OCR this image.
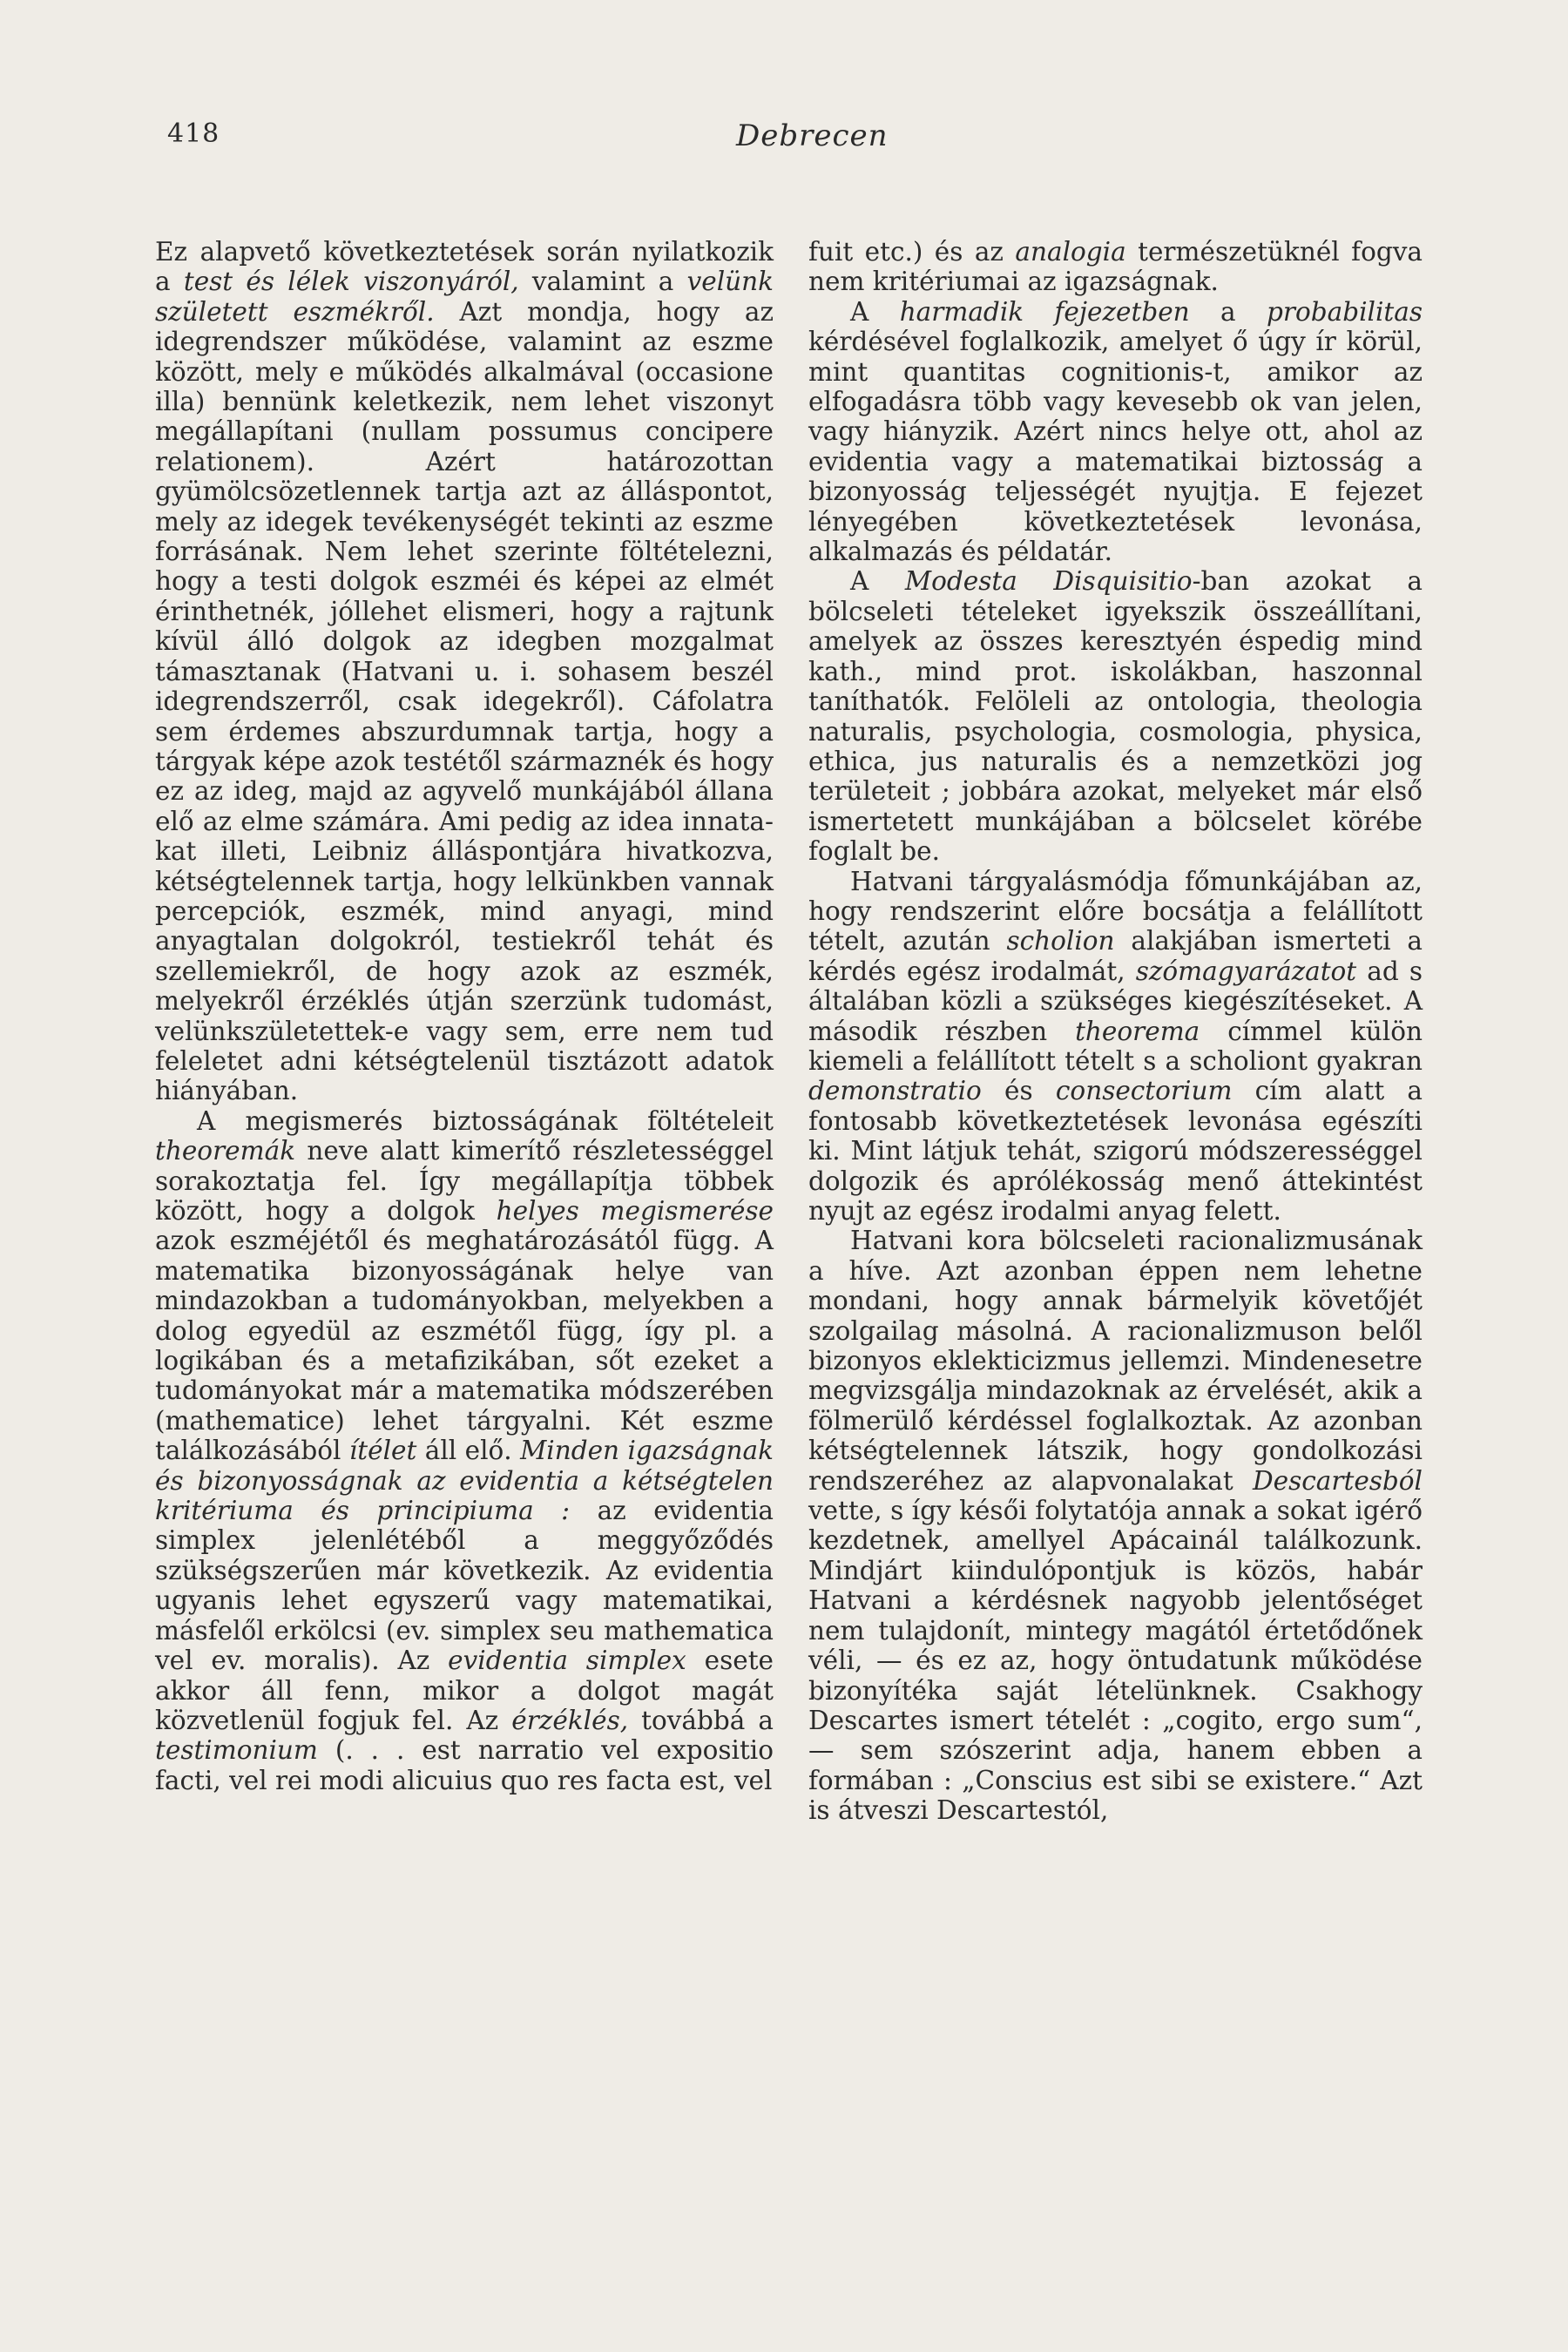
418	Debrecen

Ez alapvető következtetések során nyilatkozik a test és lélek viszonyáról, valamint a velünk született eszmékről. Azt mondja, hogy az idegrendszer működése, valamint az eszme között, mely e működés alkalmával (occasione illa) bennünk keletkezik, nem lehet viszonyt megállapítani (nullam possumus concipere relationem). Azért határozottan gyümölcsözetlennek tartja azt az álláspontot, mely az idegek tevékenységét tekinti az eszme forrásának. Nem lehet szerinte föltételezni, hogy a testi dolgok eszméi és képei az elmét érinthetnék, jóllehet elismeri, hogy a rajtunk kívül álló dolgok az idegben mozgalmat támasztanak (Hatvani u. i. sohasem beszél idegrendszerről, csak idegekről). Cáfolatra sem érdemes abszurdumnak tartja, hogy a tárgyak képe azok testétől származnék és hogy ez az ideg, majd az agyvelő munkájából állana elő az elme számára. Ami pedig az idea innata-kat illeti, Leibniz álláspontjára hivatkozva, kétségtelennek tartja, hogy lelkünkben vannak percepciók, eszmék, mind anyagi, mind anyagtalan dolgokról, testiekről tehát és szellemiekről, de hogy azok az eszmék, melyekről érzéklés útján szerzünk tudomást, velünkszületettek-e vagy sem, erre nem tud feleletet adni kétségtelenül tisztázott adatok hiányában.

A megismerés biztosságának föltételeit theoremák neve alatt kimerítő részletességgel sorakoztatja fel. Így megállapítja többek között, hogy a dolgok helyes megismerése azok eszméjétől és meghatározásától függ. A matematika bizonyosságának helye van mindazokban a tudományokban, melyekben a dolog egyedül az eszmétől függ, így pl. a logikában és a metafizikában, sőt ezeket a tudományokat már a matematika módszerében (mathematice) lehet tárgyalni. Két eszme találkozásából ítélet áll elő. Minden igazságnak és bizonyosságnak az evidentia a kétségtelen kritériuma és principiuma : az evidentia simplex jelenlétéből a meggyőződés szükségszerűen már következik. Az evidentia ugyanis lehet egyszerű vagy matematikai, másfelől erkölcsi (ev. simplex seu mathematica vel ev. moralis). Az evidentia simplex esete akkor áll fenn, mikor a dolgot magát közvetlenül fogjuk fel. Az érzéklés, továbbá a testimonium (. . . est narratio vel expositio facti, vel rei modi alicuius quo res facta est, vel

fuit etc.) és az analogia természetüknél fogva nem kritériumai az igazságnak.

A harmadik fejezetben a probabilitas kérdésével foglalkozik, amelyet ő úgy ír körül, mint quantitas cognitionis-t, amikor az elfogadásra több vagy kevesebb ok van jelen, vagy hiányzik. Azért nincs helye ott, ahol az evidentia vagy a matematikai biztosság a bizonyosság teljességét nyujtja. E fejezet lényegében következtetések levonása, alkalmazás és példatár.

A Modesta Disquisitio-ban azokat a bölcseleti tételeket igyekszik összeállítani, amelyek az összes keresztyén éspedig mind kath., mind prot. iskolákban, haszonnal taníthatók. Felöleli az ontologia, theologia naturalis, psychologia, cosmologia, physica, ethica, jus naturalis és a nemzetközi jog területeit ; jobbára azokat, melyeket már első ismertetett munkájában a bölcselet körébe foglalt be.

Hatvani tárgyalásmódja főmunkájában az, hogy rendszerint előre bocsátja a felállított tételt, azután scholion alakjában ismerteti a kérdés egész irodalmát, szómagyarázatot ad s általában közli a szükséges kiegészítéseket. A második részben theorema címmel külön kiemeli a felállított tételt s a scholiont gyakran demonstratio és consectorium cím alatt a fontosabb következtetések levonása egészíti ki. Mint látjuk tehát, szigorú módszerességgel dolgozik és aprólékosság menő áttekintést nyujt az egész irodalmi anyag felett.

Hatvani kora bölcseleti racionalizmusának a híve. Azt azonban éppen nem lehetne mondani, hogy annak bármelyik követőjét szolgailag másolná. A racionalizmuson belől bizonyos eklekticizmus jellemzi. Mindenesetre megvizsgálja mindazoknak az érvelését, akik a fölmerülő kérdéssel foglalkoztak. Az azonban kétségtelennek látszik, hogy gondolkozási rendszeréhez az alapvonalakat Descartesból vette, s így késői folytatója annak a sokat igérő kezdetnek, amellyel Apácainál találkozunk. Mindjárt kiindulópontjuk is közös, habár Hatvani a kérdésnek nagyobb jelentőséget nem tulajdonít, mintegy magától értetődőnek véli, — és ez az, hogy öntudatunk működése bizonyítéka saját lételünknek. Csakhogy Descartes ismert tételét : „cogito, ergo sum“, — sem szószerint adja, hanem ebben a formában : „Conscius est sibi se existere.“ Azt is átveszi Descartestól,
